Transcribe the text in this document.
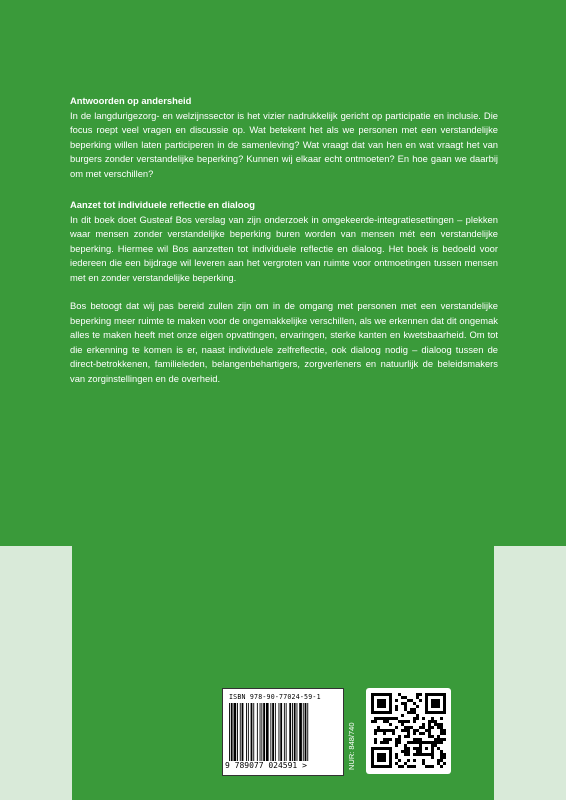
Antwoorden op andersheid

In de langdurigezorg- en welzijnssector is het vizier nadrukkelijk gericht op participatie en inclusie. Die focus roept veel vragen en discussie op. Wat betekent het als we personen met een verstandelijke beperking willen laten participeren in de samenleving? Wat vraagt dat van hen en wat vraagt het van burgers zonder verstandelijke beperking? Kunnen wij elkaar echt ontmoeten? En hoe gaan we daarbij om met verschillen?

Aanzet tot individuele reflectie en dialoog

In dit boek doet Gusteaf Bos verslag van zijn onderzoek in omgekeerde-integratiesettingen – plekken waar mensen zonder verstandelijke beperking buren worden van mensen mét een verstandelijke beperking. Hiermee wil Bos aanzetten tot individuele reflectie en dialoog. Het boek is bedoeld voor iedereen die een bijdrage wil leveren aan het vergroten van ruimte voor ontmoetingen tussen mensen met en zonder verstandelijke beperking.

Bos betoogt dat wij pas bereid zullen zijn om in de omgang met personen met een verstandelijke beperking meer ruimte te maken voor de ongemakkelijke verschillen, als we erkennen dat dit ongemak alles te maken heeft met onze eigen opvattingen, ervaringen, sterke kanten en kwetsbaarheid. Om tot die erkenning te komen is er, naast individuele zelfreflectie, ook dialoog nodig – dialoog tussen de direct-betrokkenen, familieleden, belangenbehartigers, zorgverleners en natuurlijk de beleidsmakers van zorginstellingen en de overheid.

ISBN 978-90-77024-59-1
9 789077 024591 >	NUR: 848/740
